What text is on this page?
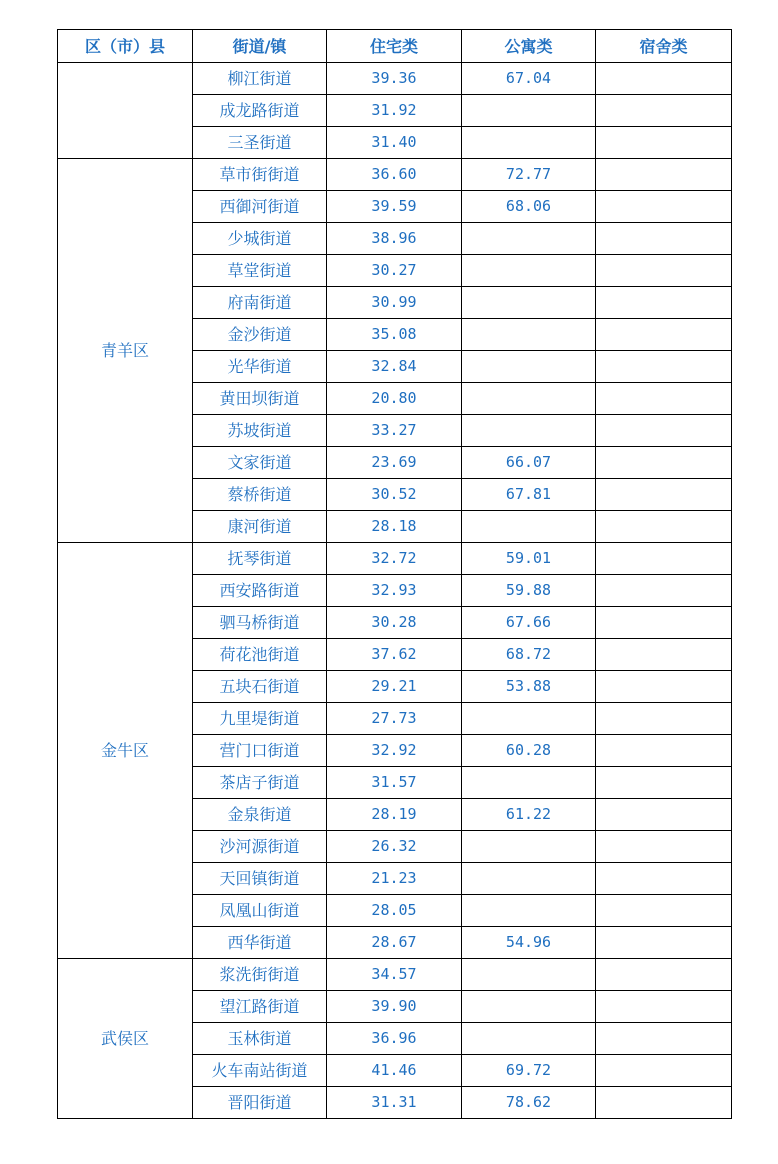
区（市）县	街道/镇	住宅类	公寓类	宿舍类
	柳江街道	39.36	67.04	
	成龙路街道	31.92		
	三圣街道	31.40		
青羊区	草市街街道	36.60	72.77	
	西御河街道	39.59	68.06	
	少城街道	38.96		
	草堂街道	30.27		
	府南街道	30.99		
	金沙街道	35.08		
	光华街道	32.84		
	黄田坝街道	20.80		
	苏坡街道	33.27		
	文家街道	23.69	66.07	
	蔡桥街道	30.52	67.81	
	康河街道	28.18		
金牛区	抚琴街道	32.72	59.01	
	西安路街道	32.93	59.88	
	驷马桥街道	30.28	67.66	
	荷花池街道	37.62	68.72	
	五块石街道	29.21	53.88	
	九里堤街道	27.73		
	营门口街道	32.92	60.28	
	茶店子街道	31.57		
	金泉街道	28.19	61.22	
	沙河源街道	26.32		
	天回镇街道	21.23		
	凤凰山街道	28.05		
	西华街道	28.67	54.96	
武侯区	浆洗街街道	34.57		
	望江路街道	39.90		
	玉林街道	36.96		
	火车南站街道	41.46	69.72	
	晋阳街道	31.31	78.62	
